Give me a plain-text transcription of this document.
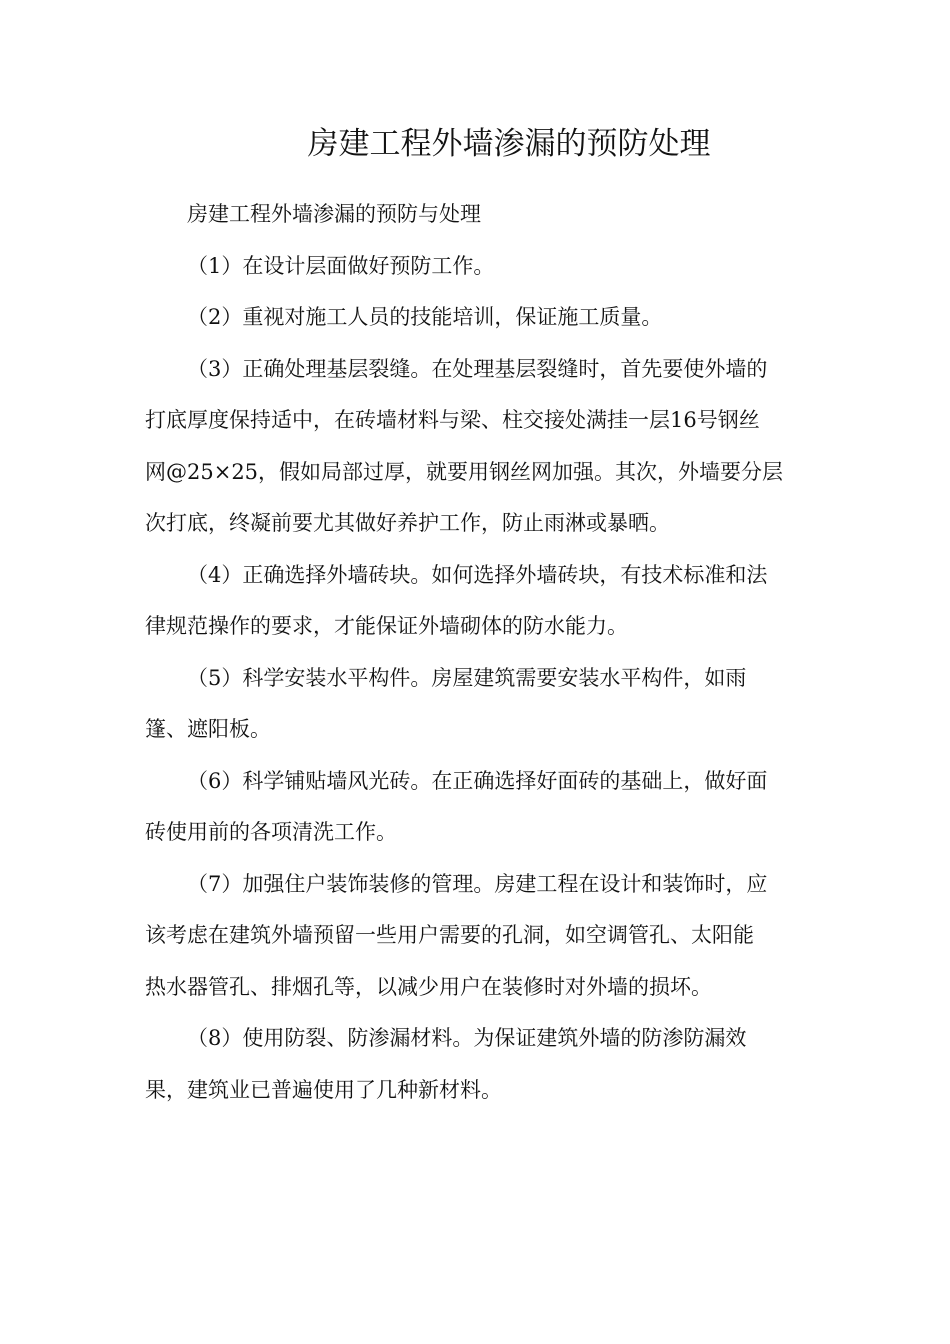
房建工程外墙渗漏的预防处理

房建工程外墙渗漏的预防与处理

（1）在设计层面做好预防工作。

（2）重视对施工人员的技能培训，保证施工质量。

（3）正确处理基层裂缝。在处理基层裂缝时，首先要使外墙的
打底厚度保持适中，在砖墙材料与梁、柱交接处满挂一层16号钢丝
网@25×25，假如局部过厚，就要用钢丝网加强。其次，外墙要分层
次打底，终凝前要尤其做好养护工作，防止雨淋或暴晒。

（4）正确选择外墙砖块。如何选择外墙砖块，有技术标准和法
律规范操作的要求，才能保证外墙砌体的防水能力。

（5）科学安装水平构件。房屋建筑需要安装水平构件，如雨
篷、遮阳板。

（6）科学铺贴墙风光砖。在正确选择好面砖的基础上，做好面
砖使用前的各项清洗工作。

（7）加强住户装饰装修的管理。房建工程在设计和装饰时，应
该考虑在建筑外墙预留一些用户需要的孔洞，如空调管孔、太阳能
热水器管孔、排烟孔等，以减少用户在装修时对外墙的损坏。

（8）使用防裂、防渗漏材料。为保证建筑外墙的防渗防漏效
果，建筑业已普遍使用了几种新材料。
